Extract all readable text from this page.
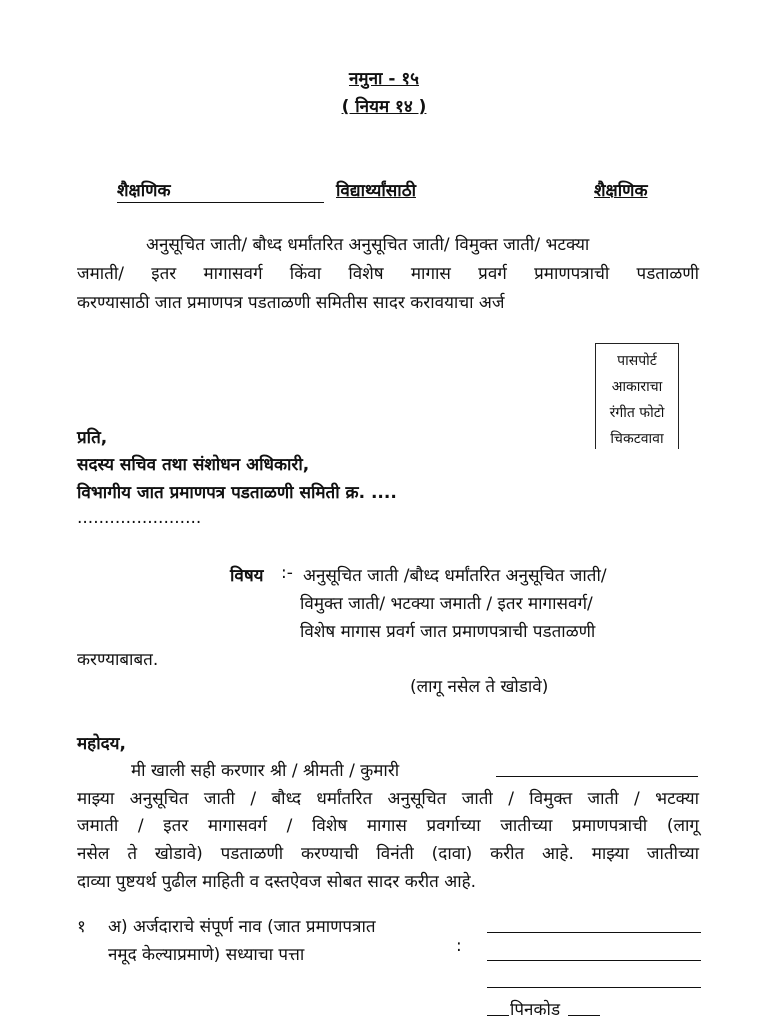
नमुना - १५
( नियम १४ )
शैक्षणिक	विद्यार्थ्यांसाठी	शैक्षणिक
अनुसूचित जाती/ बौध्द धर्मांतरित अनुसूचित जाती/ विमुक्त जाती/ भटक्या
जमाती/ इतर मागासवर्ग किंवा विशेष मागास प्रवर्ग प्रमाणपत्राची पडताळणी
करण्यासाठी जात प्रमाणपत्र पडताळणी समितीस सादर करावयाचा अर्ज
पासपोर्ट
आकाराचा
रंगीत फोटो
चिकटवावा
प्रति,
सदस्य सचिव तथा संशोधन अधिकारी,
विभागीय जात प्रमाणपत्र पडताळणी समिती क्र. ....
.......................
विषय :- अनुसूचित जाती /बौध्द धर्मांतरित अनुसूचित जाती/
विमुक्त जाती/ भटक्या जमाती / इतर मागासवर्ग/
विशेष मागास प्रवर्ग जात प्रमाणपत्राची पडताळणी
करण्याबाबत.
(लागू नसेल ते खोडावे)
महोदय,
मी खाली सही करणार श्री / श्रीमती / कुमारी
माझ्या अनुसूचित जाती / बौध्द धर्मांतरित अनुसूचित जाती / विमुक्त जाती / भटक्या
जमाती / इतर मागासवर्ग / विशेष मागास प्रवर्गाच्या जातीच्या प्रमाणपत्राची (लागू
नसेल ते खोडावे) पडताळणी करण्याची विनंती (दावा) करीत आहे. माझ्या जातीच्या
दाव्या पुष्टयर्थ पुढील माहिती व दस्तऐवज सोबत सादर करीत आहे.
१ अ) अर्जदाराचे संपूर्ण नाव (जात प्रमाणपत्रात
नमूद केल्याप्रमाणे) सध्याचा पत्ता	:
पिनकोड
